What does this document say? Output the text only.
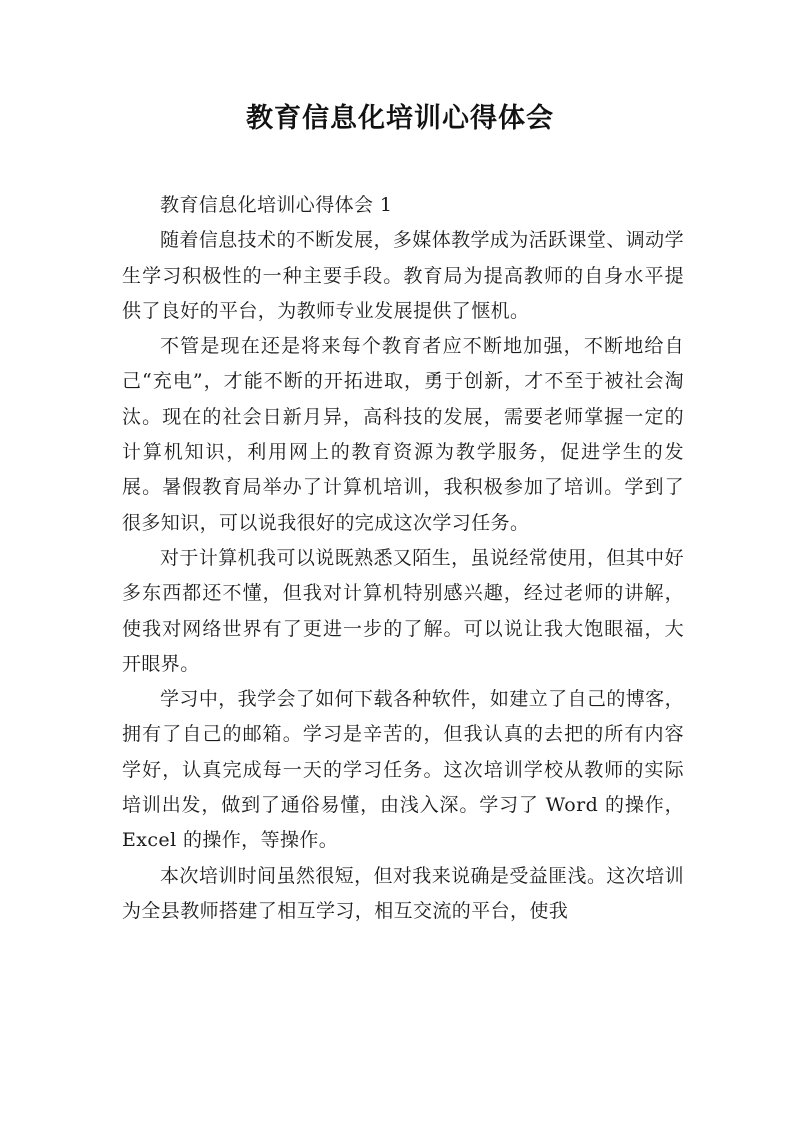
教育信息化培训心得体会

教育信息化培训心得体会 1

随着信息技术的不断发展，多媒体教学成为活跃课堂、调动学生学习积极性的一种主要手段。教育局为提高教师的自身水平提供了良好的平台，为教师专业发展提供了惬机。

不管是现在还是将来每个教育者应不断地加强，不断地给自己“充电”，才能不断的开拓进取，勇于创新，才不至于被社会淘汰。现在的社会日新月异，高科技的发展，需要老师掌握一定的计算机知识，利用网上的教育资源为教学服务，促进学生的发展。暑假教育局举办了计算机培训，我积极参加了培训。学到了很多知识，可以说我很好的完成这次学习任务。

对于计算机我可以说既熟悉又陌生，虽说经常使用，但其中好多东西都还不懂，但我对计算机特别感兴趣，经过老师的讲解，使我对网络世界有了更进一步的了解。可以说让我大饱眼福，大开眼界。

学习中，我学会了如何下载各种软件，如建立了自己的博客，拥有了自己的邮箱。学习是辛苦的，但我认真的去把的所有内容学好，认真完成每一天的学习任务。这次培训学校从教师的实际培训出发，做到了通俗易懂，由浅入深。学习了 Word 的操作，Excel 的操作，等操作。

本次培训时间虽然很短，但对我来说确是受益匪浅。这次培训为全县教师搭建了相互学习，相互交流的平台，使我
